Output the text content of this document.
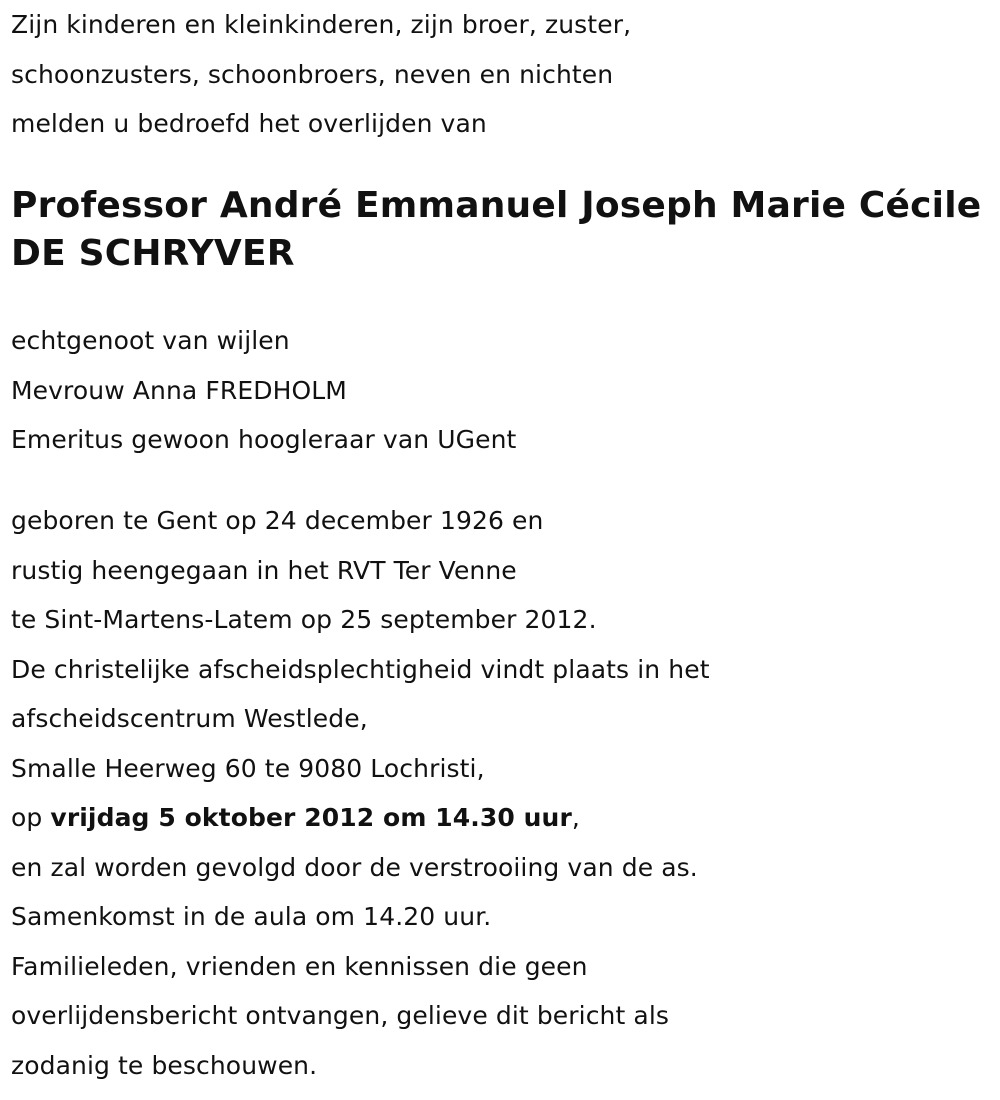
Zijn kinderen en kleinkinderen, zijn broer, zuster,

schoonzusters, schoonbroers, neven en nichten

melden u bedroefd het overlijden van

Professor André Emmanuel Joseph Marie Cécile

DE SCHRYVER

echtgenoot van wijlen

Mevrouw Anna FREDHOLM

Emeritus gewoon hoogleraar van UGent

geboren te Gent op 24 december 1926 en

rustig heengegaan in het RVT Ter Venne

te Sint-Martens-Latem op 25 september 2012.

De christelijke afscheidsplechtigheid vindt plaats in het

afscheidscentrum Westlede,

Smalle Heerweg 60 te 9080 Lochristi,

op vrijdag 5 oktober 2012 om 14.30 uur,

en zal worden gevolgd door de verstrooiing van de as.

Samenkomst in de aula om 14.20 uur.

Familieleden, vrienden en kennissen die geen

overlijdensbericht ontvangen, gelieve dit bericht als

zodanig te beschouwen.
